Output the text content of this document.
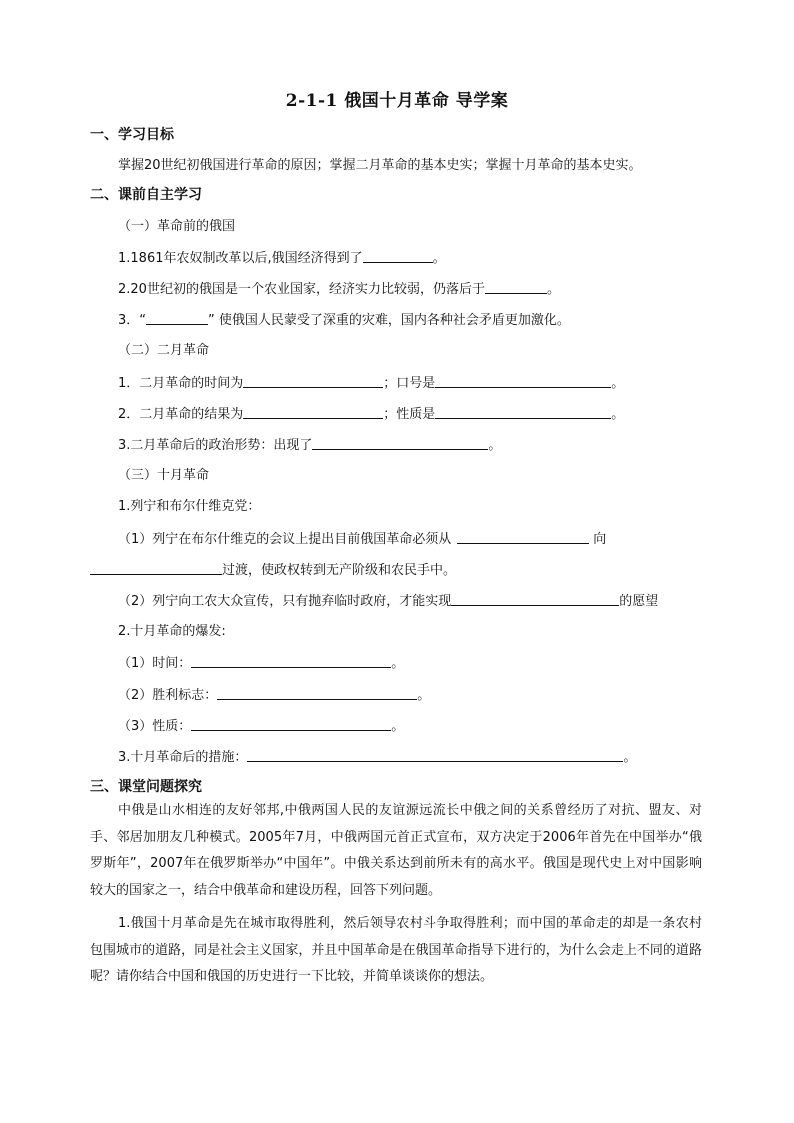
2-1-1 俄国十月革命 导学案
一、学习目标
掌握20世纪初俄国进行革命的原因；掌握二月革命的基本史实；掌握十月革命的基本史实。
二、课前自主学习
（一）革命前的俄国
1.1861年农奴制改革以后,俄国经济得到了	。
2.20世纪初的俄国是一个农业国家，经济实力比较弱，仍落后于	。
3．“	” 使俄国人民蒙受了深重的灾难，国内各种社会矛盾更加激化。
（二）二月革命
1．二月革命的时间为	；口号是	。
2．二月革命的结果为	；性质是	。
3.二月革命后的政治形势：出现了	。
（三）十月革命
1.列宁和布尔什维克党：
（1）列宁在布尔什维克的会议上提出目前俄国革命必须从	向
过渡，使政权转到无产阶级和农民手中。
（2）列宁向工农大众宣传，只有抛弃临时政府，才能实现	的愿望
2.十月革命的爆发:
（1）时间：	。
（2）胜利标志：	。
（3）性质：	。
3.十月革命后的措施：	。
三、课堂问题探究
中俄是山水相连的友好邻邦,中俄两国人民的友谊源远流长中俄之间的关系曾经历了对抗、盟友、对手、邻居加朋友几种模式。2005年7月，中俄两国元首正式宣布，双方决定于2006年首先在中国举办“俄罗斯年”，2007年在俄罗斯举办“中国年”。中俄关系达到前所未有的高水平。俄国是现代史上对中国影响较大的国家之一，结合中俄革命和建设历程，回答下列问题。
1.俄国十月革命是先在城市取得胜利，然后领导农村斗争取得胜利；而中国的革命走的却是一条农村包围城市的道路，同是社会主义国家，并且中国革命是在俄国革命指导下进行的，为什么会走上不同的道路呢？请你结合中国和俄国的历史进行一下比较，并简单谈谈你的想法。
